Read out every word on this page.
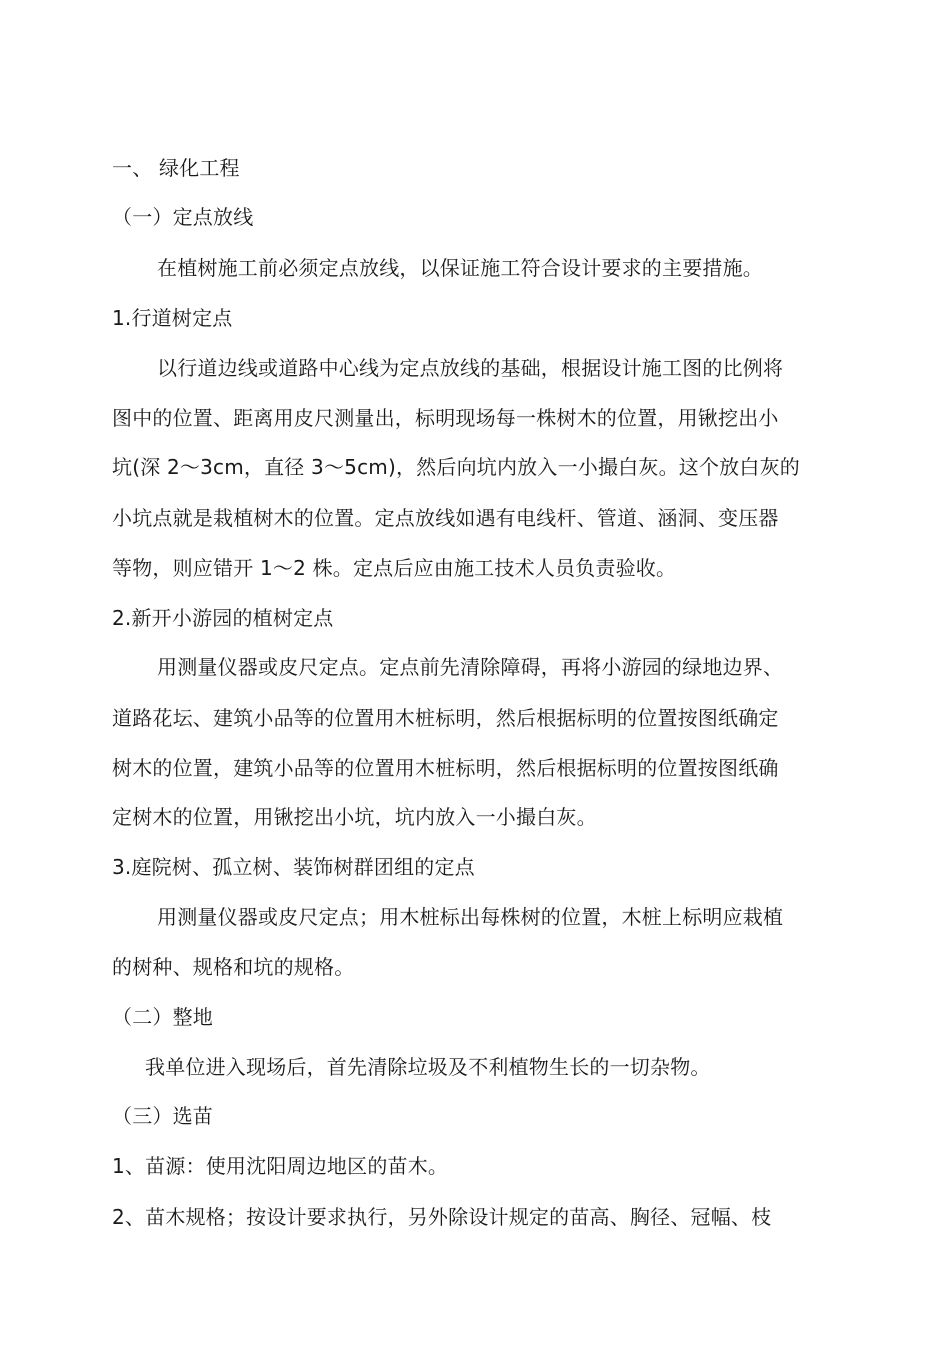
一、 绿化工程
（一）定点放线
在植树施工前必须定点放线，以保证施工符合设计要求的主要措施。
1.行道树定点
以行道边线或道路中心线为定点放线的基础，根据设计施工图的比例将
图中的位置、距离用皮尺测量出，标明现场每一株树木的位置，用锹挖出小
坑(深 2～3cm，直径 3～5cm)，然后向坑内放入一小撮白灰。这个放白灰的
小坑点就是栽植树木的位置。定点放线如遇有电线杆、管道、涵洞、变压器
等物，则应错开 1～2 株。定点后应由施工技术人员负责验收。
2.新开小游园的植树定点
用测量仪器或皮尺定点。定点前先清除障碍，再将小游园的绿地边界、
道路花坛、建筑小品等的位置用木桩标明，然后根据标明的位置按图纸确定
树木的位置，建筑小品等的位置用木桩标明，然后根据标明的位置按图纸确
定树木的位置，用锹挖出小坑，坑内放入一小撮白灰。
3.庭院树、孤立树、装饰树群团组的定点
用测量仪器或皮尺定点；用木桩标出每株树的位置，木桩上标明应栽植
的树种、规格和坑的规格。
（二）整地
我单位进入现场后，首先清除垃圾及不利植物生长的一切杂物。
（三）选苗
1、苗源：使用沈阳周边地区的苗木。
2、苗木规格；按设计要求执行，另外除设计规定的苗高、胸径、冠幅、枝
